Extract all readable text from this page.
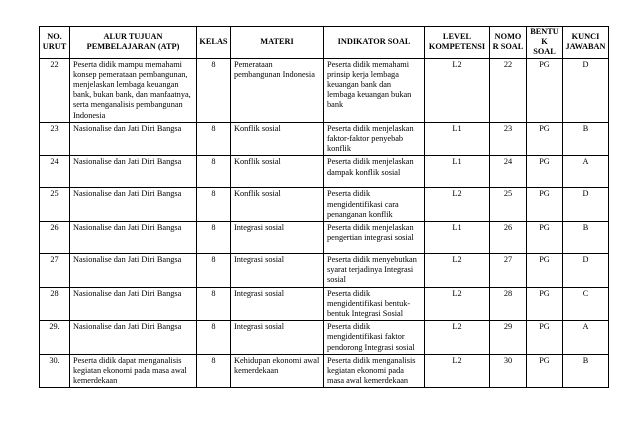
NO. URUT	ALUR TUJUAN PEMBELAJARAN (ATP)	KELAS	MATERI	INDIKATOR SOAL	LEVEL KOMPETENSI	NOMOR SOAL	BENTUK SOAL	KUNCI JAWABAN
22	Peserta didik mampu memahami konsep pemerataan pembangunan, menjelaskan lembaga keuangan bank, bukan bank, dan manfaatnya, serta menganalisis pembangunan Indonesia	8	Pemerataan pembangunan Indonesia	Peserta didik memahami prinsip kerja lembaga keuangan bank dan lembaga keuangan bukan bank	L2	22	PG	D
23	Nasionalise dan Jati Diri Bangsa	8	Konflik sosial	Peserta didik menjelaskan faktor-faktor penyebab konflik	L1	23	PG	B
24	Nasionalise dan Jati Diri Bangsa	8	Konflik sosial	Peserta didik menjelaskan dampak konflik sosial	L1	24	PG	A
25	Nasionalise dan Jati Diri Bangsa	8	Konflik sosial	Peserta didik mengidentifikasi cara penanganan konflik	L2	25	PG	D
26	Nasionalise dan Jati Diri Bangsa	8	Integrasi sosial	Peserta didik menjelaskan pengertian integrasi sosial	L1	26	PG	B
27	Nasionalise dan Jati Diri Bangsa	8	Integrasi sosial	Peserta didik menyebutkan syarat terjadinya Integrasi sosial	L2	27	PG	D
28	Nasionalise dan Jati Diri Bangsa	8	Integrasi sosial	Peserta didik mengidentifikasi bentuk-bentuk Integrasi Sosial	L2	28	PG	C
29.	Nasionalise dan Jati Diri Bangsa	8	Integrasi sosial	Peserta didik mengidentifikasi faktor pendorong Integrasi sosial	L2	29	PG	A
30.	Peserta didik dapat menganalisis kegiatan ekonomi pada masa awal kemerdekaan	8	Kehidupan ekonomi awal kemerdekaan	Peserta didik menganalisis kegiatan ekonomi pada masa awal kemerdekaan	L2	30	PG	B
